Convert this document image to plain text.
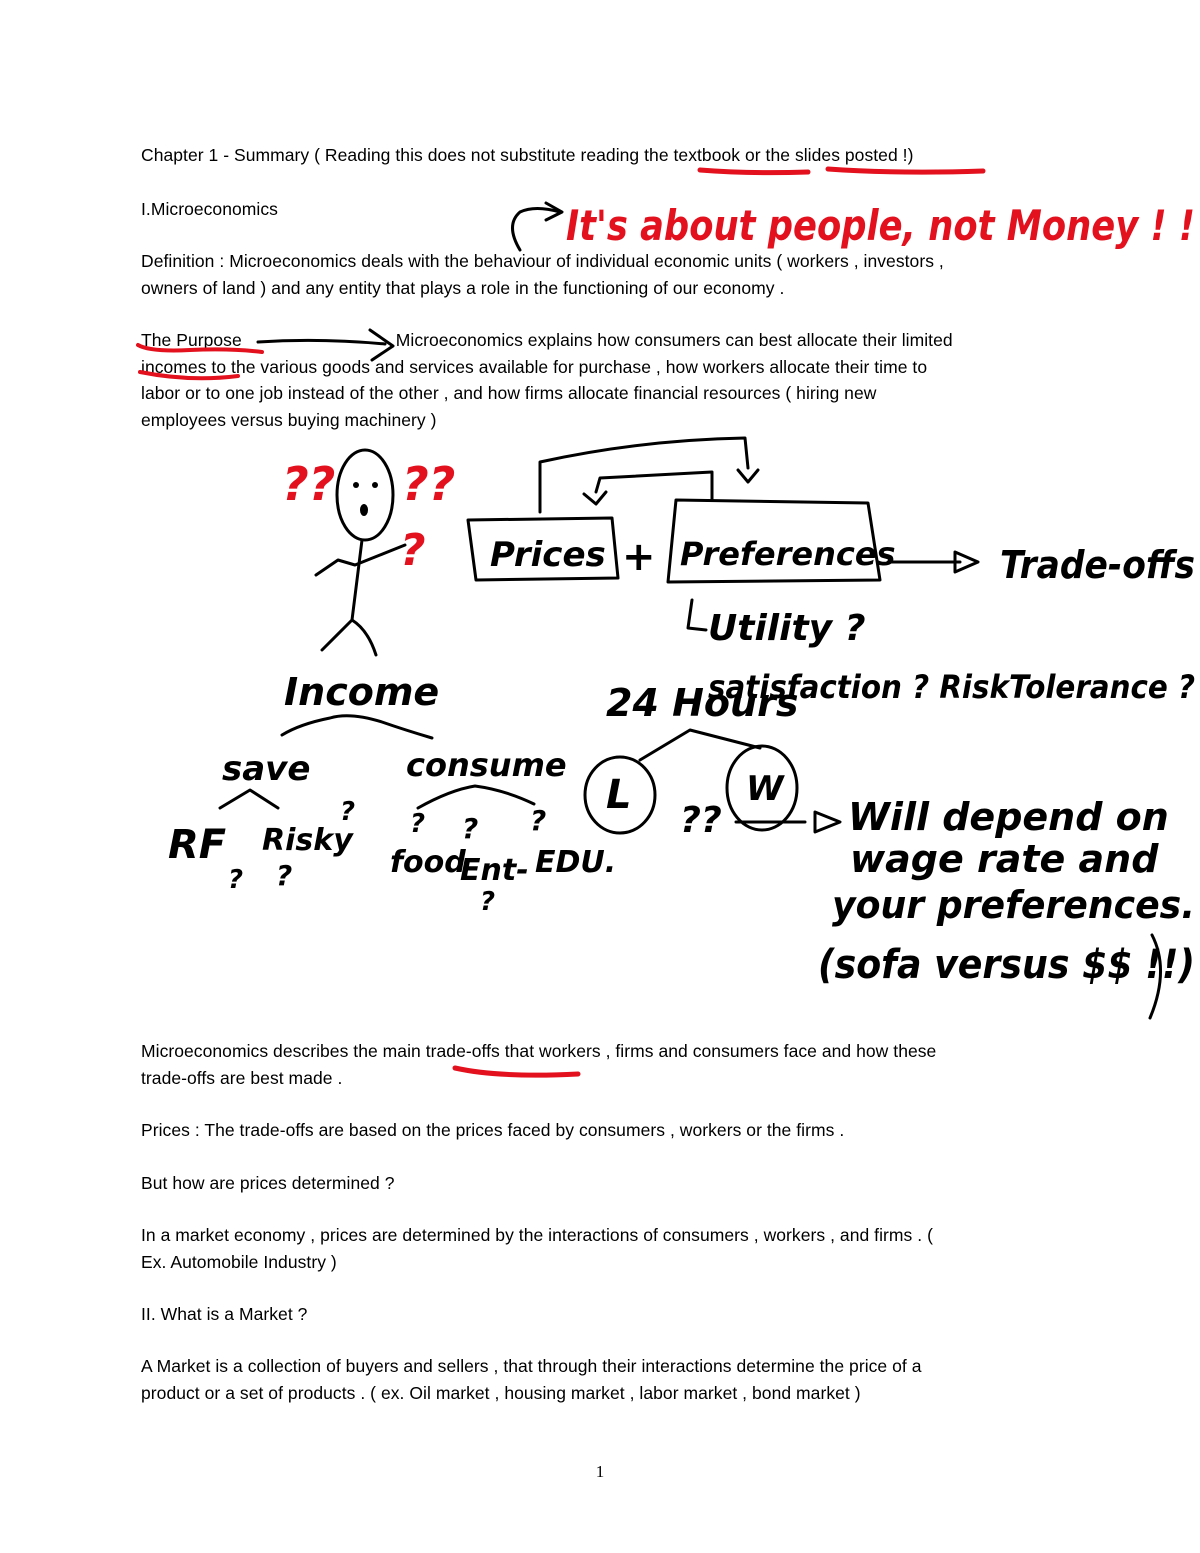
Chapter 1 - Summary ( Reading this does not substitute reading the textbook or the slides posted !)
I.Microeconomics
Definition : Microeconomics deals with the behaviour of individual economic units ( workers , investors ,
owners of land ) and any entity that plays a role in the functioning of our economy .
The Purpose	Microeconomics explains how consumers can best allocate their limited
incomes to the various goods and services available for purchase , how workers allocate their time to
labor or to one job instead of the other , and how firms allocate financial resources ( hiring new
employees versus buying machinery )
Microeconomics describes the main trade-offs that workers , firms and consumers face and how these
trade-offs are best made .
Prices : The trade-offs are based on the prices faced by consumers , workers or the firms .
But how are prices determined ?
In a market economy , prices are determined by the interactions of consumers , workers , and firms . (
Ex. Automobile Industry )
II. What is a Market ?
A Market is a collection of buyers and sellers , that through their interactions determine the price of a
product or a set of products . ( ex. Oil market , housing market , labor market , bond market )
1
It's about people, not Money ! !
?? ??
? Prices + Preferences	Trade-offs
Utility ?
satisfaction ? RiskTolerance ?
Income	24 Hours
save	consume
RF Risky
?
? ?
? ? ?
food
Ent- EDU.
?
L	W
??	Will depend on
wage rate and
your preferences.
(sofa versus $$ !!)
